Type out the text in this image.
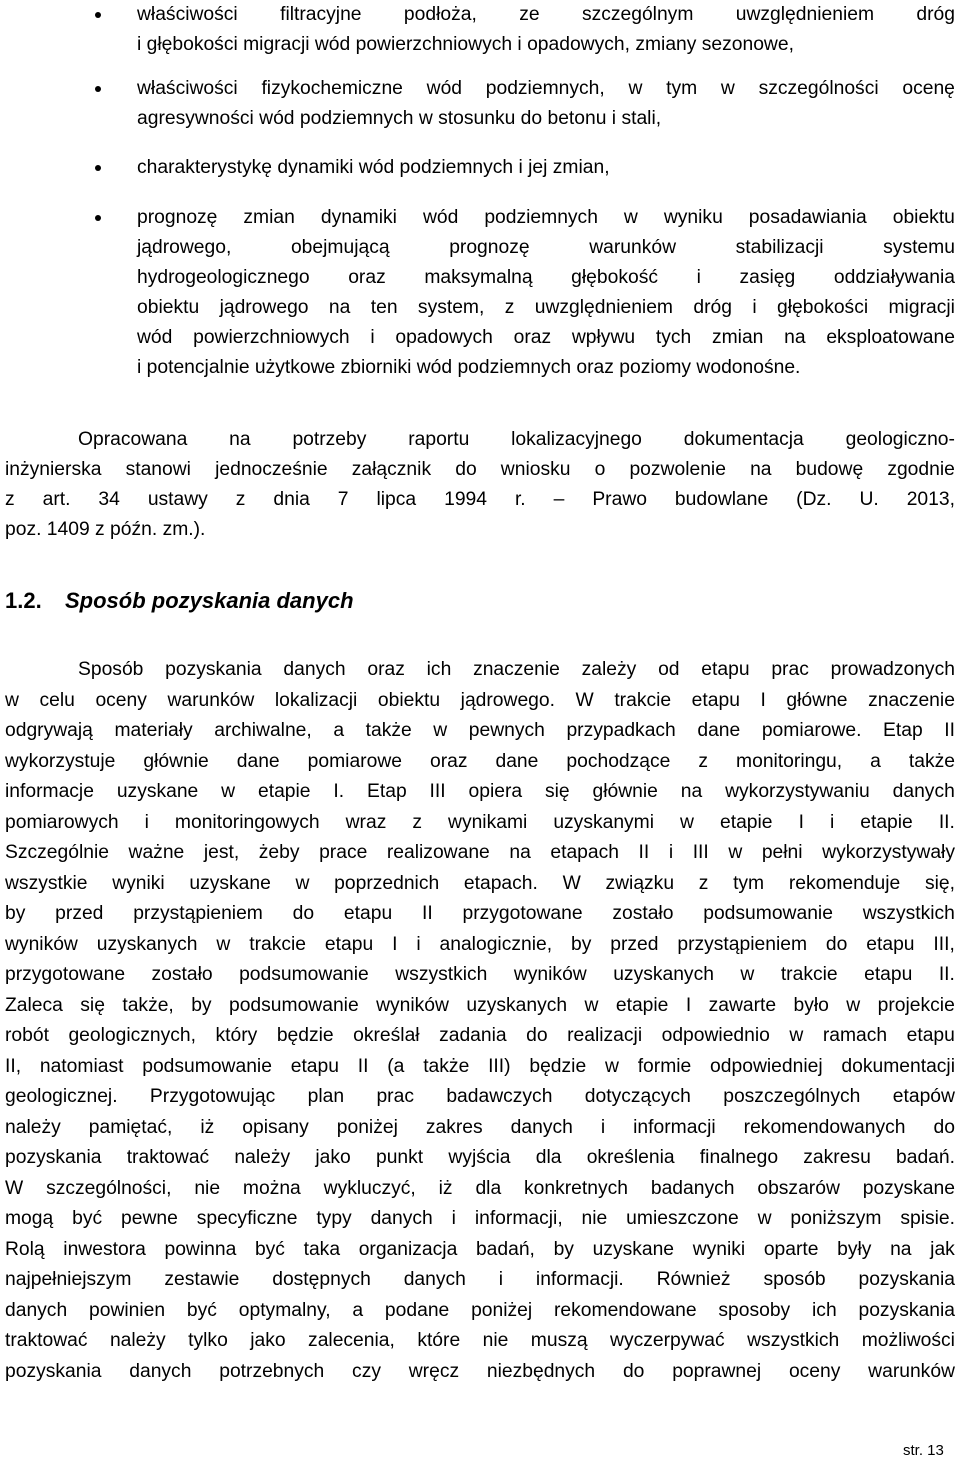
właściwości filtracyjne podłoża, ze szczególnym uwzględnieniem dróg
i głębokości migracji wód powierzchniowych i opadowych, zmiany sezonowe,
właściwości fizykochemiczne wód podziemnych, w tym w szczególności ocenę
agresywności wód podziemnych w stosunku do betonu i stali,
charakterystykę dynamiki wód podziemnych i jej zmian,
prognozę zmian dynamiki wód podziemnych w wyniku posadawiania obiektu
jądrowego,	obejmującą	prognozę	warunków	stabilizacji	systemu
hydrogeologicznego oraz maksymalną głębokość i zasięg oddziaływania
obiektu jądrowego na ten system, z uwzględnieniem dróg i głębokości migracji
wód powierzchniowych i opadowych oraz wpływu tych zmian na eksploatowane
i potencjalnie użytkowe zbiorniki wód podziemnych oraz poziomy wodonośne.
Opracowana na potrzeby raportu lokalizacyjnego dokumentacja geologiczno-
inżynierska stanowi jednocześnie załącznik do wniosku o pozwolenie na budowę zgodnie
z art. 34 ustawy z dnia 7 lipca 1994 r. – Prawo budowlane (Dz. U. 2013,
poz. 1409 z późn. zm.).
1.2. Sposób pozyskania danych
Sposób pozyskania danych oraz ich znaczenie zależy od etapu prac prowadzonych
w celu oceny warunków lokalizacji obiektu jądrowego. W trakcie etapu I główne znaczenie
odgrywają materiały archiwalne, a także w pewnych przypadkach dane pomiarowe. Etap II
wykorzystuje głównie dane pomiarowe oraz dane pochodzące z monitoringu, a także
informacje uzyskane w etapie I. Etap III opiera się głównie na wykorzystywaniu danych
pomiarowych i monitoringowych wraz z wynikami uzyskanymi w etapie I i etapie II.
Szczególnie ważne jest, żeby prace realizowane na etapach II i III w pełni wykorzystywały
wszystkie wyniki uzyskane w poprzednich etapach. W związku z tym rekomenduje się,
by przed przystąpieniem do etapu II przygotowane zostało podsumowanie wszystkich
wyników uzyskanych w trakcie etapu I i analogicznie, by przed przystąpieniem do etapu III,
przygotowane zostało podsumowanie wszystkich wyników uzyskanych w trakcie etapu II.
Zaleca się także, by podsumowanie wyników uzyskanych w etapie I zawarte było w projekcie
robót geologicznych, który będzie określał zadania do realizacji odpowiednio w ramach etapu
II, natomiast podsumowanie etapu II (a także III) będzie w formie odpowiedniej dokumentacji
geologicznej. Przygotowując plan prac badawczych dotyczących poszczególnych etapów
należy pamiętać, iż opisany poniżej zakres danych i informacji rekomendowanych do
pozyskania traktować należy jako punkt wyjścia dla określenia finalnego zakresu badań.
W szczególności, nie można wykluczyć, iż dla konkretnych badanych obszarów pozyskane
mogą być pewne specyficzne typy danych i informacji, nie umieszczone w poniższym spisie.
Rolą inwestora powinna być taka organizacja badań, by uzyskane wyniki oparte były na jak
najpełniejszym zestawie dostępnych danych i informacji. Również sposób pozyskania
danych powinien być optymalny, a podane poniżej rekomendowane sposoby ich pozyskania
traktować należy tylko jako zalecenia, które nie muszą wyczerpywać wszystkich możliwości
pozyskania danych potrzebnych czy wręcz niezbędnych do poprawnej oceny warunków
str. 13
